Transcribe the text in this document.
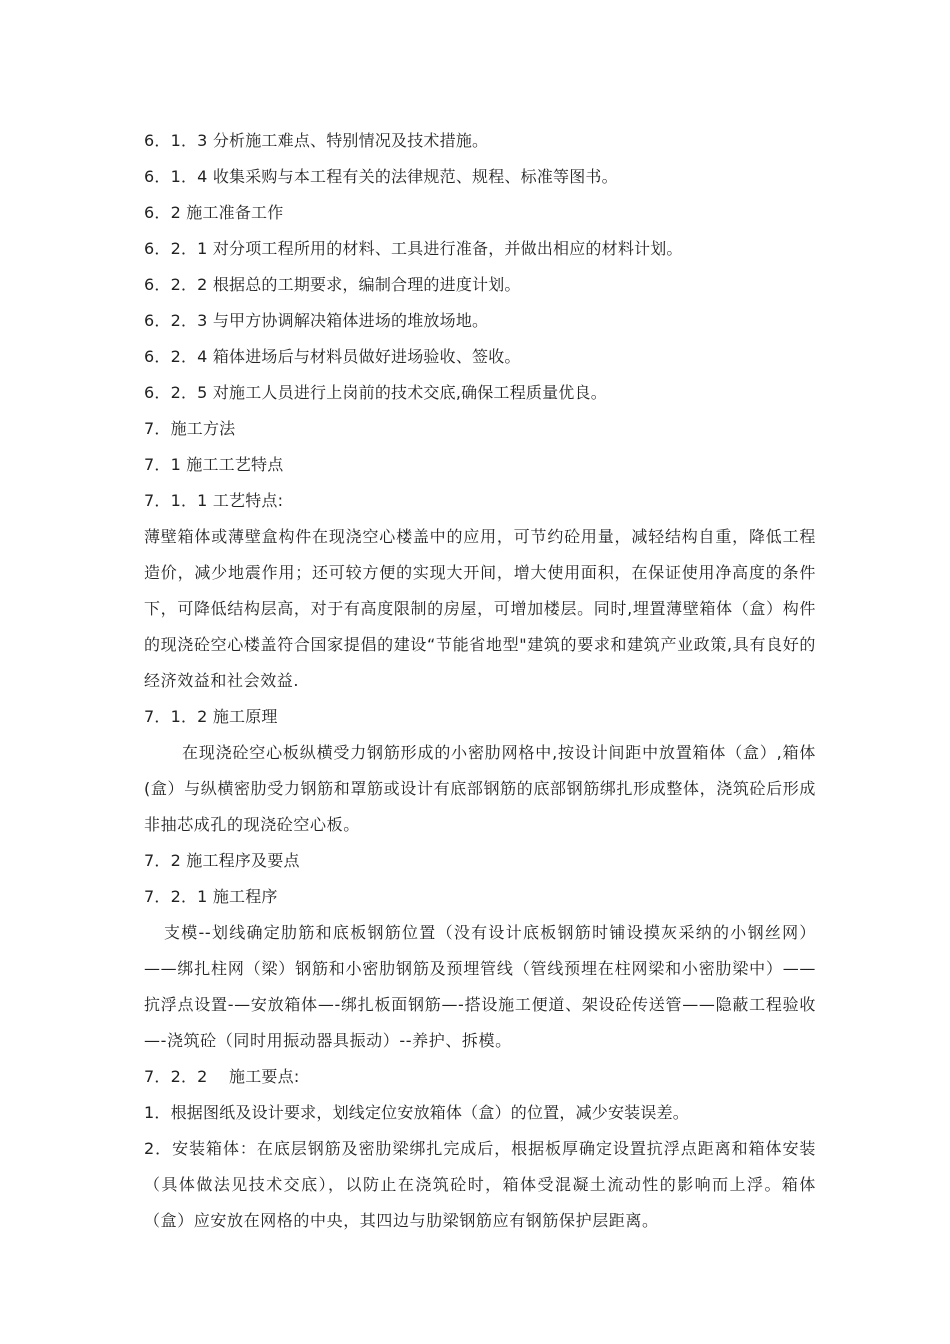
6．1．3 分析施工难点、特别情况及技术措施。
6．1．4 收集采购与本工程有关的法律规范、规程、标准等图书。
6．2 施工准备工作
6．2．1 对分项工程所用的材料、工具进行准备，并做出相应的材料计划。
6．2．2 根据总的工期要求，编制合理的进度计划。
6．2．3 与甲方协调解决箱体进场的堆放场地。
6．2．4 箱体进场后与材料员做好进场验收、签收。
6．2．5 对施工人员进行上岗前的技术交底,确保工程质量优良。
7．施工方法
7．1 施工工艺特点
7．1．1 工艺特点:

薄壁箱体或薄壁盒构件在现浇空心楼盖中的应用，可节约砼用量，减轻结构自重，降低工程造价，减少地震作用；还可较方便的实现大开间，增大使用面积，在保证使用净高度的条件下，可降低结构层高，对于有高度限制的房屋，可增加楼层。同时,埋置薄壁箱体（盒）构件的现浇砼空心楼盖符合国家提倡的建设“节能省地型"建筑的要求和建筑产业政策,具有良好的经济效益和社会效益.

7．1．2 施工原理

在现浇砼空心板纵横受力钢筋形成的小密肋网格中,按设计间距中放置箱体（盒）,箱体(盒）与纵横密肋受力钢筋和罩筋或设计有底部钢筋的底部钢筋绑扎形成整体，浇筑砼后形成非抽芯成孔的现浇砼空心板。

7．2 施工程序及要点
7．2．1 施工程序

支模--划线确定肋筋和底板钢筋位置（没有设计底板钢筋时铺设摸灰采纳的小钢丝网）——绑扎柱网（梁）钢筋和小密肋钢筋及预埋管线（管线预埋在柱网梁和小密肋梁中）——抗浮点设置-—安放箱体—-绑扎板面钢筋—-搭设施工便道、架设砼传送管——隐蔽工程验收—-浇筑砼（同时用振动器具振动）--养护、拆模。

7．2．2　 施工要点:
1．根据图纸及设计要求，划线定位安放箱体（盒）的位置，减少安装误差。

2．安装箱体：在底层钢筋及密肋梁绑扎完成后，根据板厚确定设置抗浮点距离和箱体安装（具体做法见技术交底），以防止在浇筑砼时，箱体受混凝土流动性的影响而上浮。箱体（盒）应安放在网格的中央，其四边与肋梁钢筋应有钢筋保护层距离。
